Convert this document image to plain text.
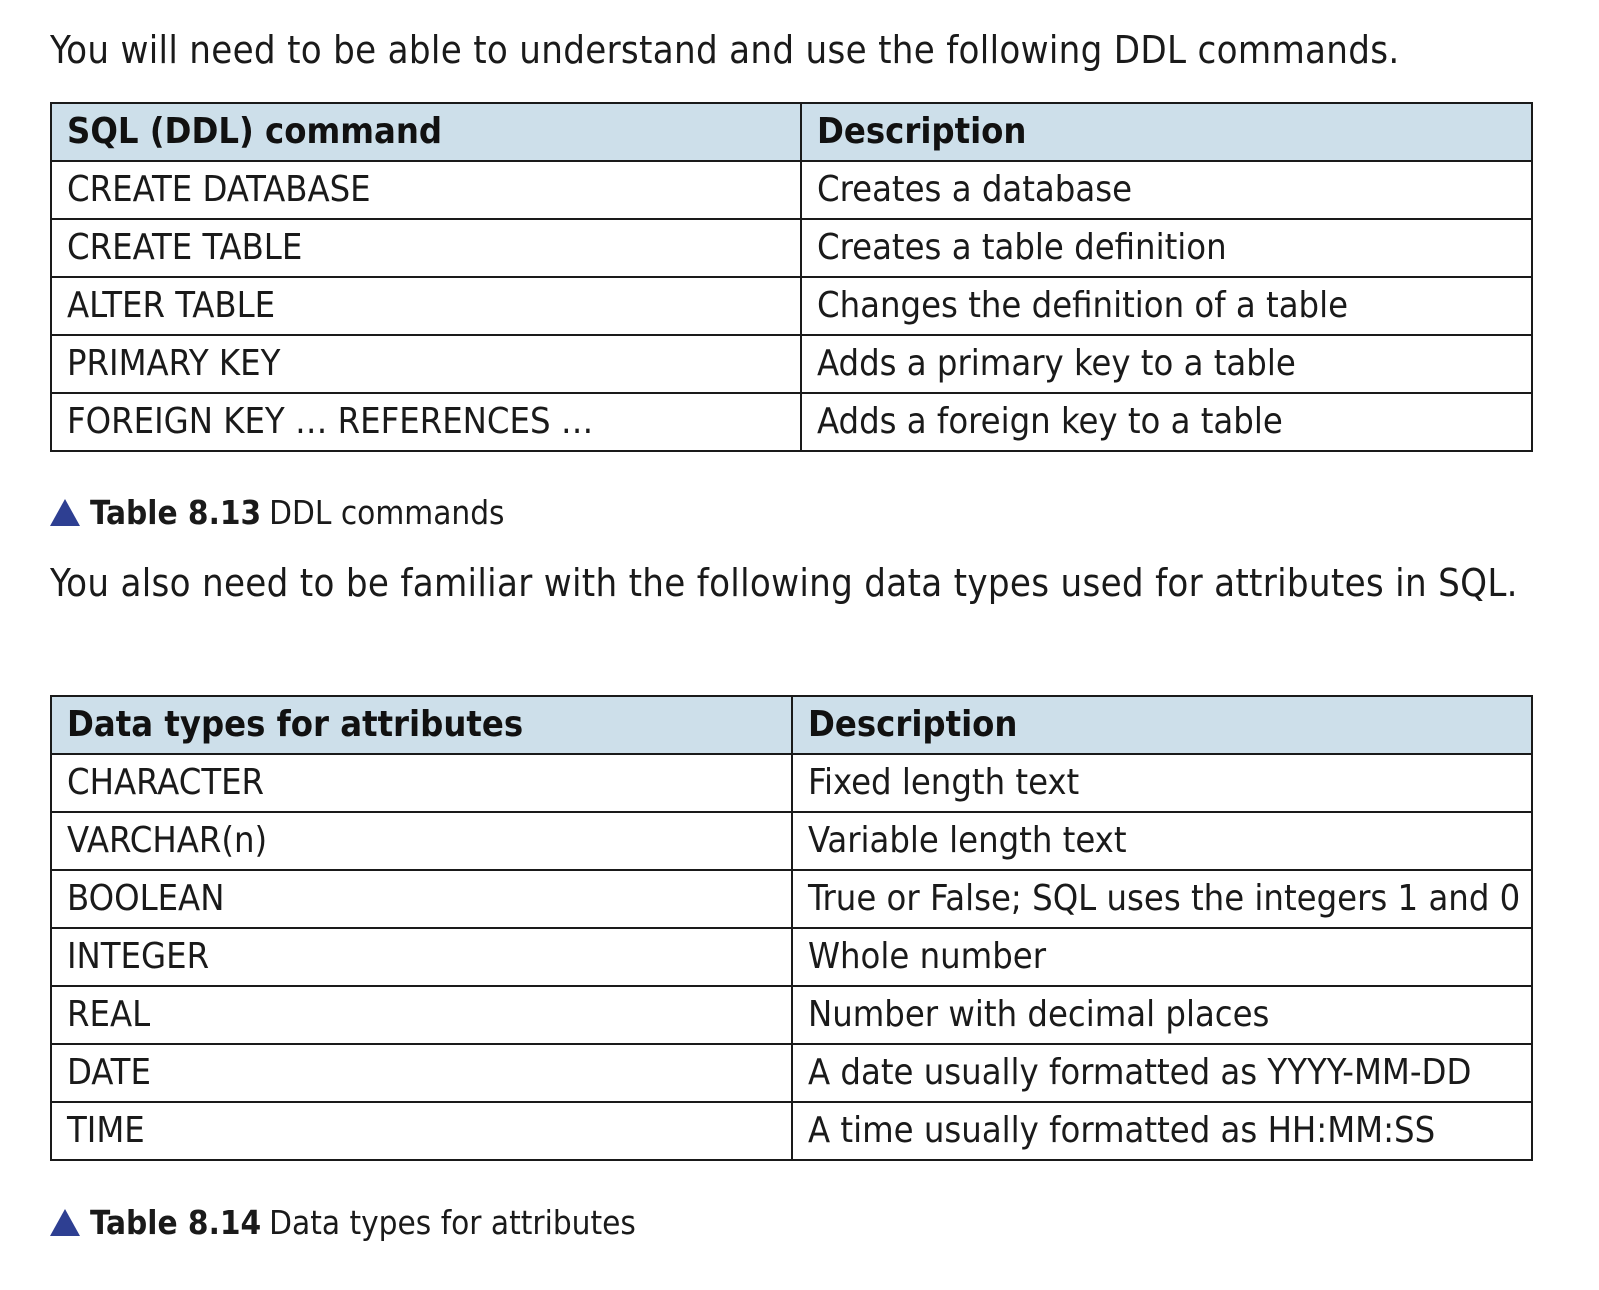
You will need to be able to understand and use the following DDL commands.

SQL (DDL) command	Description
CREATE DATABASE	Creates a database
CREATE TABLE	Creates a table definition
ALTER TABLE	Changes the definition of a table
PRIMARY KEY	Adds a primary key to a table
FOREIGN KEY … REFERENCES …	Adds a foreign key to a table

Table 8.13 DDL commands

You also need to be familiar with the following data types used for attributes in SQL.

Data types for attributes	Description
CHARACTER	Fixed length text
VARCHAR(n)	Variable length text
BOOLEAN	True or False; SQL uses the integers 1 and 0
INTEGER	Whole number
REAL	Number with decimal places
DATE	A date usually formatted as YYYY-MM-DD
TIME	A time usually formatted as HH:MM:SS

Table 8.14 Data types for attributes
